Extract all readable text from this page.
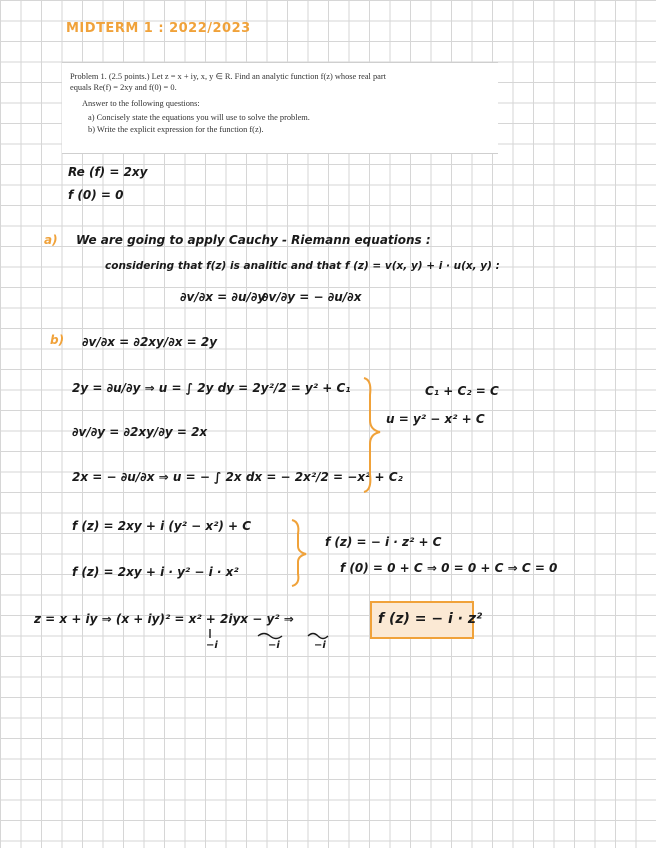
MIDTERM 1 : 2022/2023
Problem 1. (2.5 points.) Let z = x + iy, x, y ∈ R. Find an analytic function f(z) whose real part
equals Re(f) = 2xy and f(0) = 0.
Answer to the following questions:
a) Concisely state the equations you will use to solve the problem.
b) Write the explicit expression for the function f(z).
Re (f) = 2xy
f (0) = 0
a) We are going to apply Cauchy - Riemann equations :
considering that f(z) is analitic and that f (z) = v(x, y) + i · u(x, y) :
∂v/∂x = ∂u/∂y
∂v/∂y = − ∂u/∂x
b) ∂v/∂x = ∂2xy/∂x = 2y
2y = ∂u/∂y ⇒ u = ∫ 2y dy = 2y²/2 = y² + C₁
∂v/∂y = ∂2xy/∂y = 2x
2x = − ∂u/∂x ⇒ u = − ∫ 2x dx = − 2x²/2 = −x² + C₂
C₁ + C₂ = C
u = y² − x² + C
f (z) = 2xy + i (y² − x²) + C
f (z) = 2xy + i · y² − i · x²
f (z) = − i · z² + C
f (0) = 0 + C ⇒ 0 = 0 + C ⇒ C = 0
z = x + iy ⇒ (x + iy)² = x² + 2iyx − y² ⇒
−i	−i	−i
f (z) = − i · z²
